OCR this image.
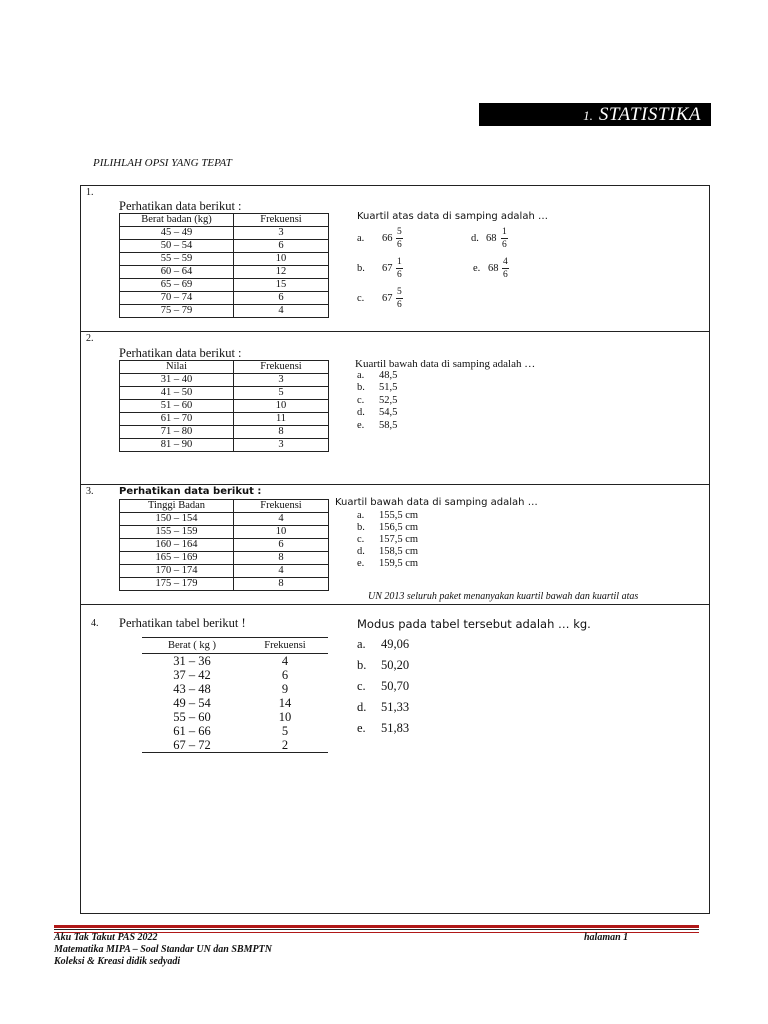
1. STATISTIKA
PILIHLAH OPSI YANG TEPAT
1.
Perhatikan data berikut :
Berat badan (kg)	Frekuensi
45 – 49	3
50 – 54	6
55 – 59	10
60 – 64	12
65 – 69	15
70 – 74	6
75 – 79	4
Kuartil atas data di samping adalah …
a.	$66 \frac{5}{6}$
b.	$67 \frac{1}{6}$
c.	$67 \frac{5}{6}$
d. $68 \frac{1}{6}$
e. $68 \frac{4}{6}$
2.
Perhatikan data berikut :
Nilai	Frekuensi
31 – 40	3
41 – 50	5
51 – 60	10
61 – 70	11
71 – 80	8
81 – 90	3
Kuartil bawah data di samping adalah …
a. 48,5
b. 51,5
c. 52,5
d. 54,5
e. 58,5
3.	Perhatikan data berikut :
Tinggi Badan	Frekuensi
150 – 154	4
155 – 159	10
160 – 164	6
165 – 169	8
170 – 174	4
175 – 179	8
Kuartil bawah data di samping adalah …
a. 155,5 cm
b. 156,5 cm
c. 157,5 cm
d. 158,5 cm
e. 159,5 cm
UN 2013 seluruh paket menanyakan kuartil bawah dan kuartil atas
4. Perhatikan tabel berikut !
Berat ( kg )	Frekuensi
31 – 36	4
37 – 42	6
43 – 48	9
49 – 54	14
55 – 60	10
61 – 66	5
67 – 72	2
Modus pada tabel tersebut adalah … kg.
a. 49,06
b. 50,20
c. 50,70
d. 51,33
e. 51,83
Aku Tak Takut PAS 2022
Matematika MIPA – Soal Standar UN dan SBMPTN
Koleksi & Kreasi didik sedyadi
halaman 1
